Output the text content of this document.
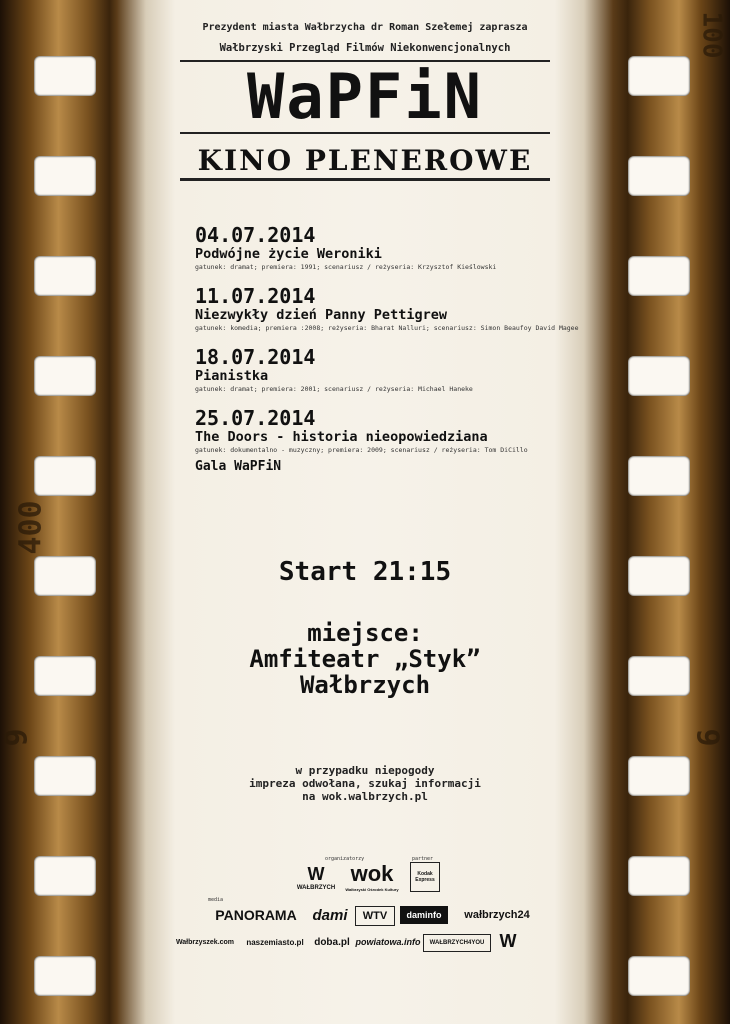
400
9
100
9
Prezydent miasta Wałbrzycha dr Roman Szełemej zaprasza
Wałbrzyski Przegląd Filmów Niekonwencjonalnych
WaPFiN
KINO PLENEROWE
04.07.2014
Podwójne życie Weroniki
gatunek: dramat; premiera: 1991; scenariusz / reżyseria: Krzysztof Kieślowski
11.07.2014
Niezwykły dzień Panny Pettigrew
gatunek: komedia; premiera :2008; reżyseria: Bharat Nalluri; scenariusz: Simon Beaufoy David Magee
18.07.2014
Pianistka
gatunek: dramat; premiera: 2001; scenariusz / reżyseria: Michael Haneke
25.07.2014
The Doors - historia nieopowiedziana
gatunek: dokumentalno - muzyczny; premiera: 2009; scenariusz / reżyseria: Tom DiCillo
Gala WaPFiN
Start 21:15
miejsce:
Amfiteatr „Styk”
Wałbrzych
w przypadku niepogody
impreza odwołana, szukaj informacji
na wok.walbrzych.pl
organizatorzy	partner
W
WAŁBRZYCH
wok
Wałbrzyski Ośrodek Kultury
Kodak Express
media
PANORAMA	dami	WTV	daminfo	wałbrzych24
Wałbrzyszek.com	naszemiasto.pl	doba.pl powiatowa.info	WAŁBRZYCH4YOU W
